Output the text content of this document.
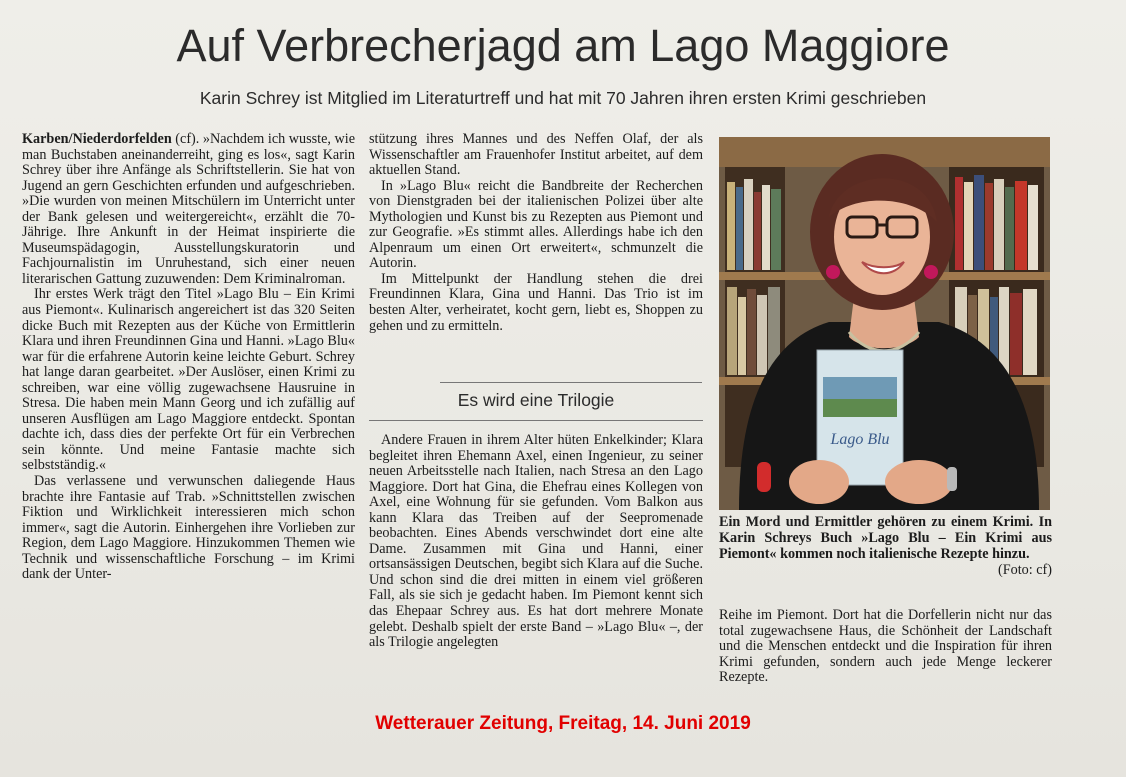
Auf Verbrecherjagd am Lago Maggiore
Karin Schrey ist Mitglied im Literaturtreff und hat mit 70 Jahren ihren ersten Krimi geschrieben

Karben/Niederdorfelden (cf). »Nachdem ich wusste, wie man Buchstaben aneinanderreiht, ging es los«, sagt Karin Schrey über ihre Anfänge als Schriftstellerin. Sie hat von Jugend an gern Geschichten erfunden und aufgeschrieben. »Die wurden von meinen Mitschülern im Unterricht unter der Bank gelesen und weitergereicht«, erzählt die 70-Jährige. Ihre Ankunft in der Heimat inspirierte die Museumspädagogin, Ausstellungskuratorin und Fachjournalistin im Unruhestand, sich einer neuen literarischen Gattung zuzuwenden: Dem Kriminalroman.

Ihr erstes Werk trägt den Titel »Lago Blu – Ein Krimi aus Piemont«. Kulinarisch angereichert ist das 320 Seiten dicke Buch mit Rezepten aus der Küche von Ermittlerin Klara und ihren Freundinnen Gina und Hanni. »Lago Blu« war für die erfahrene Autorin keine leichte Geburt. Schrey hat lange daran gearbeitet. »Der Auslöser, einen Krimi zu schreiben, war eine völlig zugewachsene Hausruine in Stresa. Die haben mein Mann Georg und ich zufällig auf unseren Ausflügen am Lago Maggiore entdeckt. Spontan dachte ich, dass dies der perfekte Ort für ein Verbrechen sein könnte. Und meine Fantasie machte sich selbstständig.«

Das verlassene und verwunschen daliegende Haus brachte ihre Fantasie auf Trab. »Schnittstellen zwischen Fiktion und Wirklichkeit interessieren mich schon immer«, sagt die Autorin. Einhergehen ihre Vorlieben zur Region, dem Lago Maggiore. Hinzukommen Themen wie Technik und wissenschaftliche Forschung – im Krimi dank der Unter-

stützung ihres Mannes und des Neffen Olaf, der als Wissenschaftler am Frauenhofer Institut arbeitet, auf dem aktuellen Stand.

In »Lago Blu« reicht die Bandbreite der Recherchen von Dienstgraden bei der italienischen Polizei über alte Mythologien und Kunst bis zu Rezepten aus Piemont und zur Geografie. »Es stimmt alles. Allerdings habe ich den Alpenraum um einen Ort erweitert«, schmunzelt die Autorin.

Im Mittelpunkt der Handlung stehen die drei Freundinnen Klara, Gina und Hanni. Das Trio ist im besten Alter, verheiratet, kocht gern, liebt es, Shoppen zu gehen und zu ermitteln.

Es wird eine Trilogie

Andere Frauen in ihrem Alter hüten Enkelkinder; Klara begleitet ihren Ehemann Axel, einen Ingenieur, zu seiner neuen Arbeitsstelle nach Italien, nach Stresa an den Lago Maggiore. Dort hat Gina, die Ehefrau eines Kollegen von Axel, eine Wohnung für sie gefunden. Vom Balkon aus kann Klara das Treiben auf der Seepromenade beobachten. Eines Abends verschwindet dort eine alte Dame. Zusammen mit Gina und Hanni, einer ortsansässigen Deutschen, begibt sich Klara auf die Suche. Und schon sind die drei mitten in einem viel größeren Fall, als sie sich je gedacht haben. Im Piemont kennt sich das Ehepaar Schrey aus. Es hat dort mehrere Monate gelebt. Deshalb spielt der erste Band – »Lago Blu« –, der als Trilogie angelegten

Lago Blu
Ein Mord und Ermittler gehören zu einem Krimi. In Karin Schreys Buch »Lago Blu – Ein Krimi aus Piemont« kommen noch italienische Rezepte hinzu.
(Foto: cf)

Reihe im Piemont. Dort hat die Dorfellerin nicht nur das total zugewachsene Haus, die Schönheit der Landschaft und die Menschen entdeckt und die Inspiration für ihren Krimi gefunden, sondern auch jede Menge leckerer Rezepte.

Wetterauer Zeitung, Freitag, 14. Juni 2019
